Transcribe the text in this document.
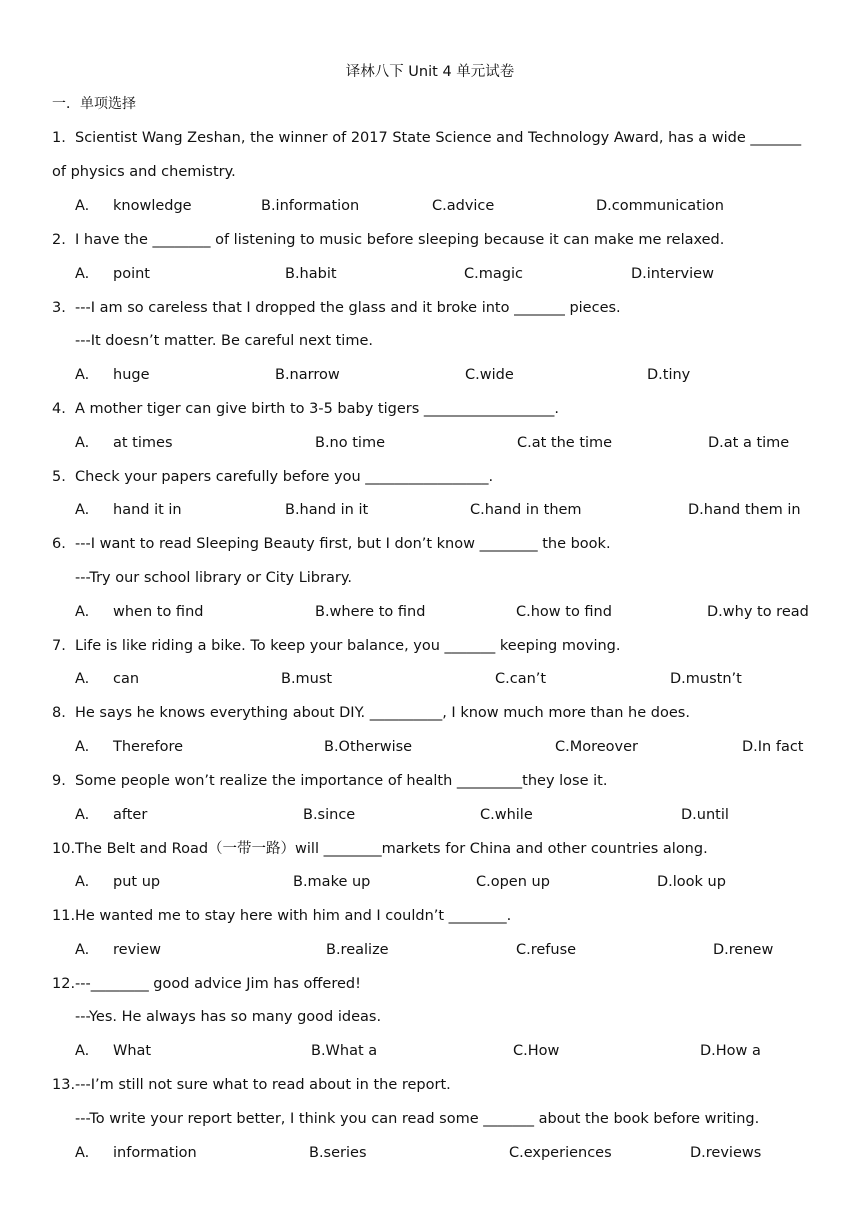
译林八下 Unit 4 单元试卷
一．单项选择
1. Scientist Wang Zeshan, the winner of 2017 State Science and Technology Award, has a wide _______
of physics and chemistry.
A. knowledge	B.information	C.advice	D.communication
2. I have the ________ of listening to music before sleeping because it can make me relaxed.
A. point	B.habit	C.magic	D.interview
3. ---I am so careless that I dropped the glass and it broke into _______ pieces.
---It doesn’t matter. Be careful next time.
A. huge	B.narrow	C.wide	D.tiny
4. A mother tiger can give birth to 3-5 baby tigers __________________.
A. at times	B.no time	C.at the time	D.at a time
5. Check your papers carefully before you _________________.
A. hand it in	B.hand in it	C.hand in them	D.hand them in
6. ---I want to read Sleeping Beauty first, but I don’t know ________ the book.
---Try our school library or City Library.
A. when to find	B.where to find	C.how to find	D.why to read
7. Life is like riding a bike. To keep your balance, you _______ keeping moving.
A. can	B.must	C.can’t	D.mustn’t
8. He says he knows everything about DIY. __________, I know much more than he does.
A. Therefore	B.Otherwise	C.Moreover	D.In fact
9. Some people won’t realize the importance of health _________they lose it.
A. after	B.since	C.while	D.until
10. The Belt and Road（一带一路）will ________markets for China and other countries along.
A. put up	B.make up	C.open up	D.look up
11. He wanted me to stay here with him and I couldn’t ________.
A. review	B.realize	C.refuse	D.renew
12. ---________ good advice Jim has offered!
---Yes. He always has so many good ideas.
A. What	B.What a	C.How	D.How a
13. ---I’m still not sure what to read about in the report.
---To write your report better, I think you can read some _______ about the book before writing.
A. information	B.series	C.experiences	D.reviews
